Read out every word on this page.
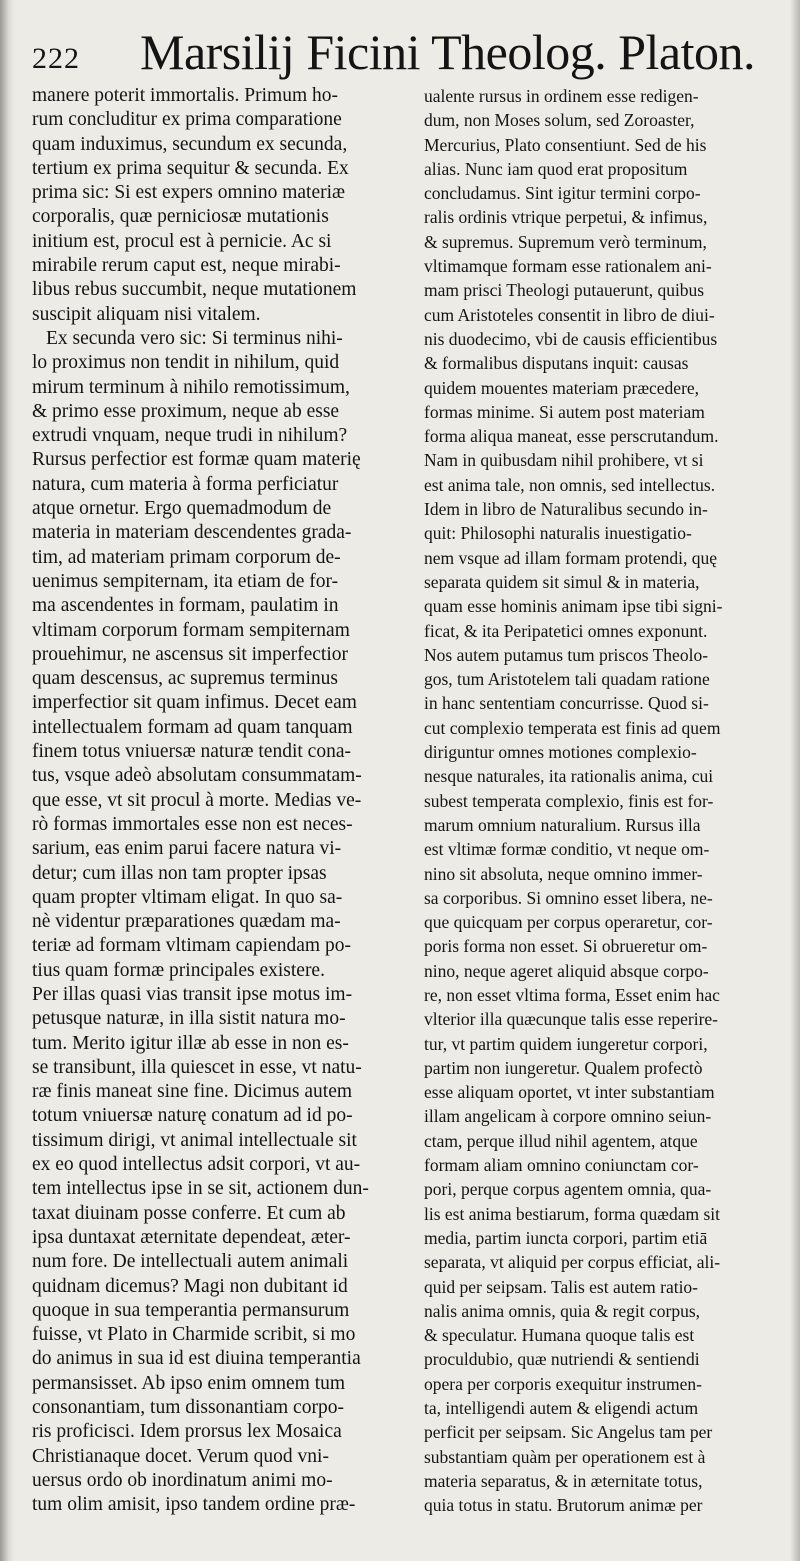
222 Marsilij Ficini Theolog. Platon.
manere poterit immortalis. Primum ho-
rum concluditur ex prima comparatione
quam induximus, secundum ex secunda,
tertium ex prima sequitur & secunda. Ex
prima sic: Si est expers omnino materiæ
corporalis, quæ perniciosæ mutationis
initium est, procul est à pernicie. Ac si
mirabile rerum caput est, neque mirabi-
libus rebus succumbit, neque mutationem
suscipit aliquam nisi vitalem.
Ex secunda vero sic: Si terminus nihi-
lo proximus non tendit in nihilum, quid
mirum terminum à nihilo remotissimum,
& primo esse proximum, neque ab esse
extrudi vnquam, neque trudi in nihilum?
Rursus perfectior est formæ quam materię
natura, cum materia à forma perficiatur
atque ornetur. Ergo quemadmodum de
materia in materiam descendentes grada-
tim, ad materiam primam corporum de-
uenimus sempiternam, ita etiam de for-
ma ascendentes in formam, paulatim in
vltimam corporum formam sempiternam
prouehimur, ne ascensus sit imperfectior
quam descensus, ac supremus terminus
imperfectior sit quam infimus. Decet eam
intellectualem formam ad quam tanquam
finem totus vniuersæ naturæ tendit cona-
tus, vsque adeò absolutam consummatam-
que esse, vt sit procul à morte. Medias ve-
rò formas immortales esse non est neces-
sarium, eas enim parui facere natura vi-
detur; cum illas non tam propter ipsas
quam propter vltimam eligat. In quo sa-
nè videntur præparationes quædam ma-
teriæ ad formam vltimam capiendam po-
tius quam formæ principales existere.
Per illas quasi vias transit ipse motus im-
petusque naturæ, in illa sistit natura mo-
tum. Merito igitur illæ ab esse in non es-
se transibunt, illa quiescet in esse, vt natu-
ræ finis maneat sine fine. Dicimus autem
totum vniuersæ naturę conatum ad id po-
tissimum dirigi, vt animal intellectuale sit
ex eo quod intellectus adsit corpori, vt au-
tem intellectus ipse in se sit, actionem dun-
taxat diuinam posse conferre. Et cum ab
ipsa duntaxat æternitate dependeat, æter-
num fore. De intellectuali autem animali
quidnam dicemus? Magi non dubitant id
quoque in sua temperantia permansurum
fuisse, vt Plato in Charmide scribit, si mo
do animus in sua id est diuina temperantia
permansisset. Ab ipso enim omnem tum
consonantiam, tum dissonantiam corpo-
ris proficisci. Idem prorsus lex Mosaica
Christianaque docet. Verum quod vni-
uersus ordo ob inordinatum animi mo-
tum olim amisit, ipso tandem ordine præ-
ualente rursus in ordinem esse redigen-
dum, non Moses solum, sed Zoroaster,
Mercurius, Plato consentiunt. Sed de his
alias. Nunc iam quod erat propositum
concludamus. Sint igitur termini corpo-
ralis ordinis vtrique perpetui, & infimus,
& supremus. Supremum verò terminum,
vltimamque formam esse rationalem ani-
mam prisci Theologi putauerunt, quibus
cum Aristoteles consentit in libro de diui-
nis duodecimo, vbi de causis efficientibus
& formalibus disputans inquit: causas
quidem mouentes materiam præcedere,
formas minime. Si autem post materiam
forma aliqua maneat, esse perscrutandum.
Nam in quibusdam nihil prohibere, vt si
est anima tale, non omnis, sed intellectus.
Idem in libro de Naturalibus secundo in-
quit: Philosophi naturalis inuestigatio-
nem vsque ad illam formam protendi, quę
separata quidem sit simul & in materia,
quam esse hominis animam ipse tibi signi-
ficat, & ita Peripatetici omnes exponunt.
Nos autem putamus tum priscos Theolo-
gos, tum Aristotelem tali quadam ratione
in hanc sententiam concurrisse. Quod si-
cut complexio temperata est finis ad quem
diriguntur omnes motiones complexio-
nesque naturales, ita rationalis anima, cui
subest temperata complexio, finis est for-
marum omnium naturalium. Rursus illa
est vltimæ formæ conditio, vt neque om-
nino sit absoluta, neque omnino immer-
sa corporibus. Si omnino esset libera, ne-
que quicquam per corpus operaretur, cor-
poris forma non esset. Si obrueretur om-
nino, neque ageret aliquid absque corpo-
re, non esset vltima forma, Esset enim hac
vlterior illa quæcunque talis esse reperire-
tur, vt partim quidem iungeretur corpori,
partim non iungeretur. Qualem profectò
esse aliquam oportet, vt inter substantiam
illam angelicam à corpore omnino seiun-
ctam, perque illud nihil agentem, atque
formam aliam omnino coniunctam cor-
pori, perque corpus agentem omnia, qua-
lis est anima bestiarum, forma quædam sit
media, partim iuncta corpori, partim etiā
separata, vt aliquid per corpus efficiat, ali-
quid per seipsam. Talis est autem ratio-
nalis anima omnis, quia & regit corpus,
& speculatur. Humana quoque talis est
proculdubio, quæ nutriendi & sentiendi
opera per corporis exequitur instrumen-
ta, intelligendi autem & eligendi actum
perficit per seipsam. Sic Angelus tam per
substantiam quàm per operationem est à
materia separatus, & in æternitate totus,
quia totus in statu. Brutorum animæ per
